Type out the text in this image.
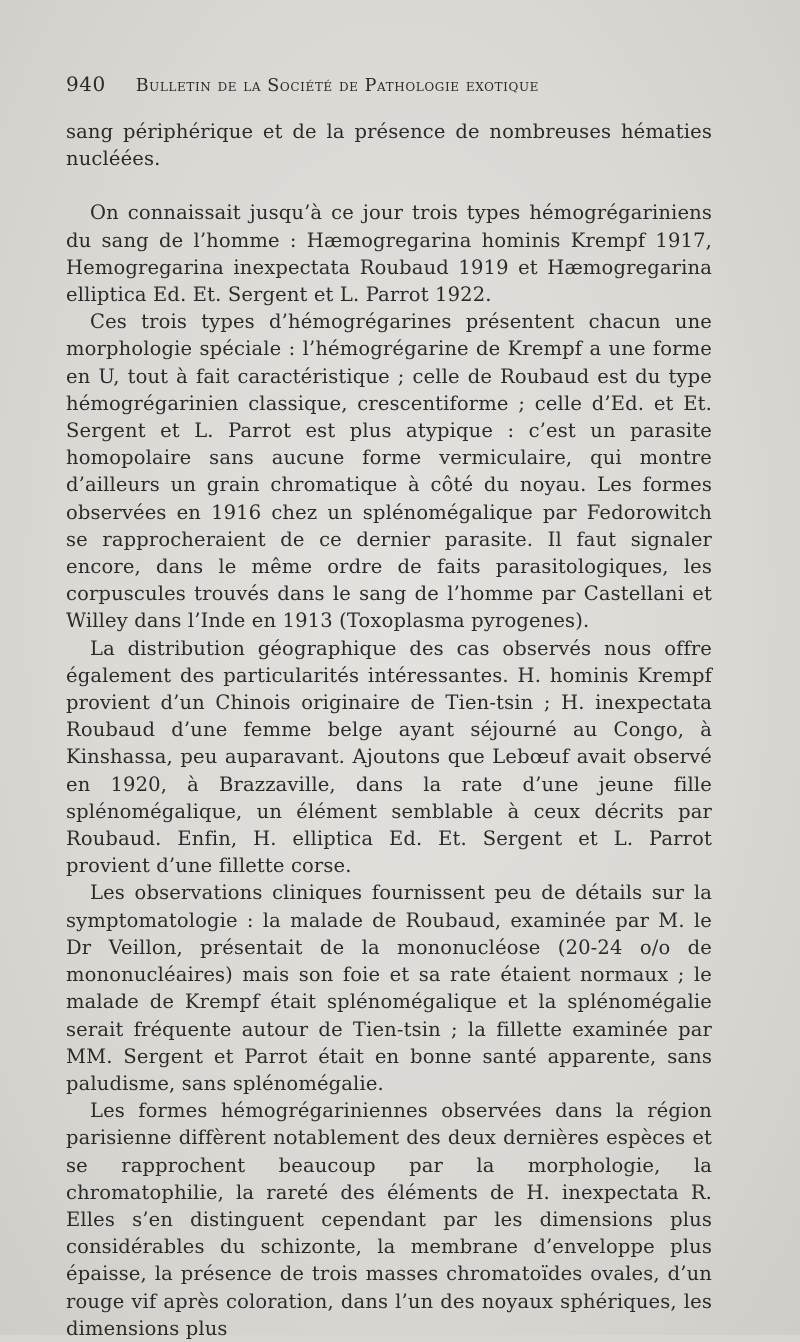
940 Bulletin de la Société de Pathologie exotique

sang périphérique et de la présence de nombreuses hématies nucléées.

On connaissait jusqu’à ce jour trois types hémogrégariniens du sang de l’homme : Hæmogregarina hominis Krempf 1917, Hemogregarina inexpectata Roubaud 1919 et Hæmogregarina elliptica Ed. Et. Sergent et L. Parrot 1922.

Ces trois types d’hémogrégarines présentent chacun une morphologie spéciale : l’hémogrégarine de Krempf a une forme en U, tout à fait caractéristique ; celle de Roubaud est du type hémogrégarinien classique, crescentiforme ; celle d’Ed. et Et. Sergent et L. Parrot est plus atypique : c’est un parasite homopolaire sans aucune forme vermiculaire, qui montre d’ailleurs un grain chromatique à côté du noyau. Les formes observées en 1916 chez un splénomégalique par Fedorowitch se rapprocheraient de ce dernier parasite. Il faut signaler encore, dans le même ordre de faits parasitologiques, les corpuscules trouvés dans le sang de l’homme par Castellani et Willey dans l’Inde en 1913 (Toxoplasma pyrogenes).

La distribution géographique des cas observés nous offre également des particularités intéressantes. H. hominis Krempf provient d’un Chinois originaire de Tien-tsin ; H. inexpectata Roubaud d’une femme belge ayant séjourné au Congo, à Kinshassa, peu auparavant. Ajoutons que Lebœuf avait observé en 1920, à Brazzaville, dans la rate d’une jeune fille splénomégalique, un élément semblable à ceux décrits par Roubaud. Enfin, H. elliptica Ed. Et. Sergent et L. Parrot provient d’une fillette corse.

Les observations cliniques fournissent peu de détails sur la symptomatologie : la malade de Roubaud, examinée par M. le Dr Veillon, présentait de la mononucléose (20-24 o/o de mononucléaires) mais son foie et sa rate étaient normaux ; le malade de Krempf était splénomégalique et la splénomégalie serait fréquente autour de Tien-tsin ; la fillette examinée par MM. Sergent et Parrot était en bonne santé apparente, sans paludisme, sans splénomégalie.

Les formes hémogrégariniennes observées dans la région parisienne diffèrent notablement des deux dernières espèces et se rapprochent beaucoup par la morphologie, la chromatophilie, la rareté des éléments de H. inexpectata R. Elles s’en distinguent cependant par les dimensions plus considérables du schizonte, la membrane d’enveloppe plus épaisse, la présence de trois masses chromatoïdes ovales, d’un rouge vif après coloration, dans l’un des noyaux sphériques, les dimensions plus
